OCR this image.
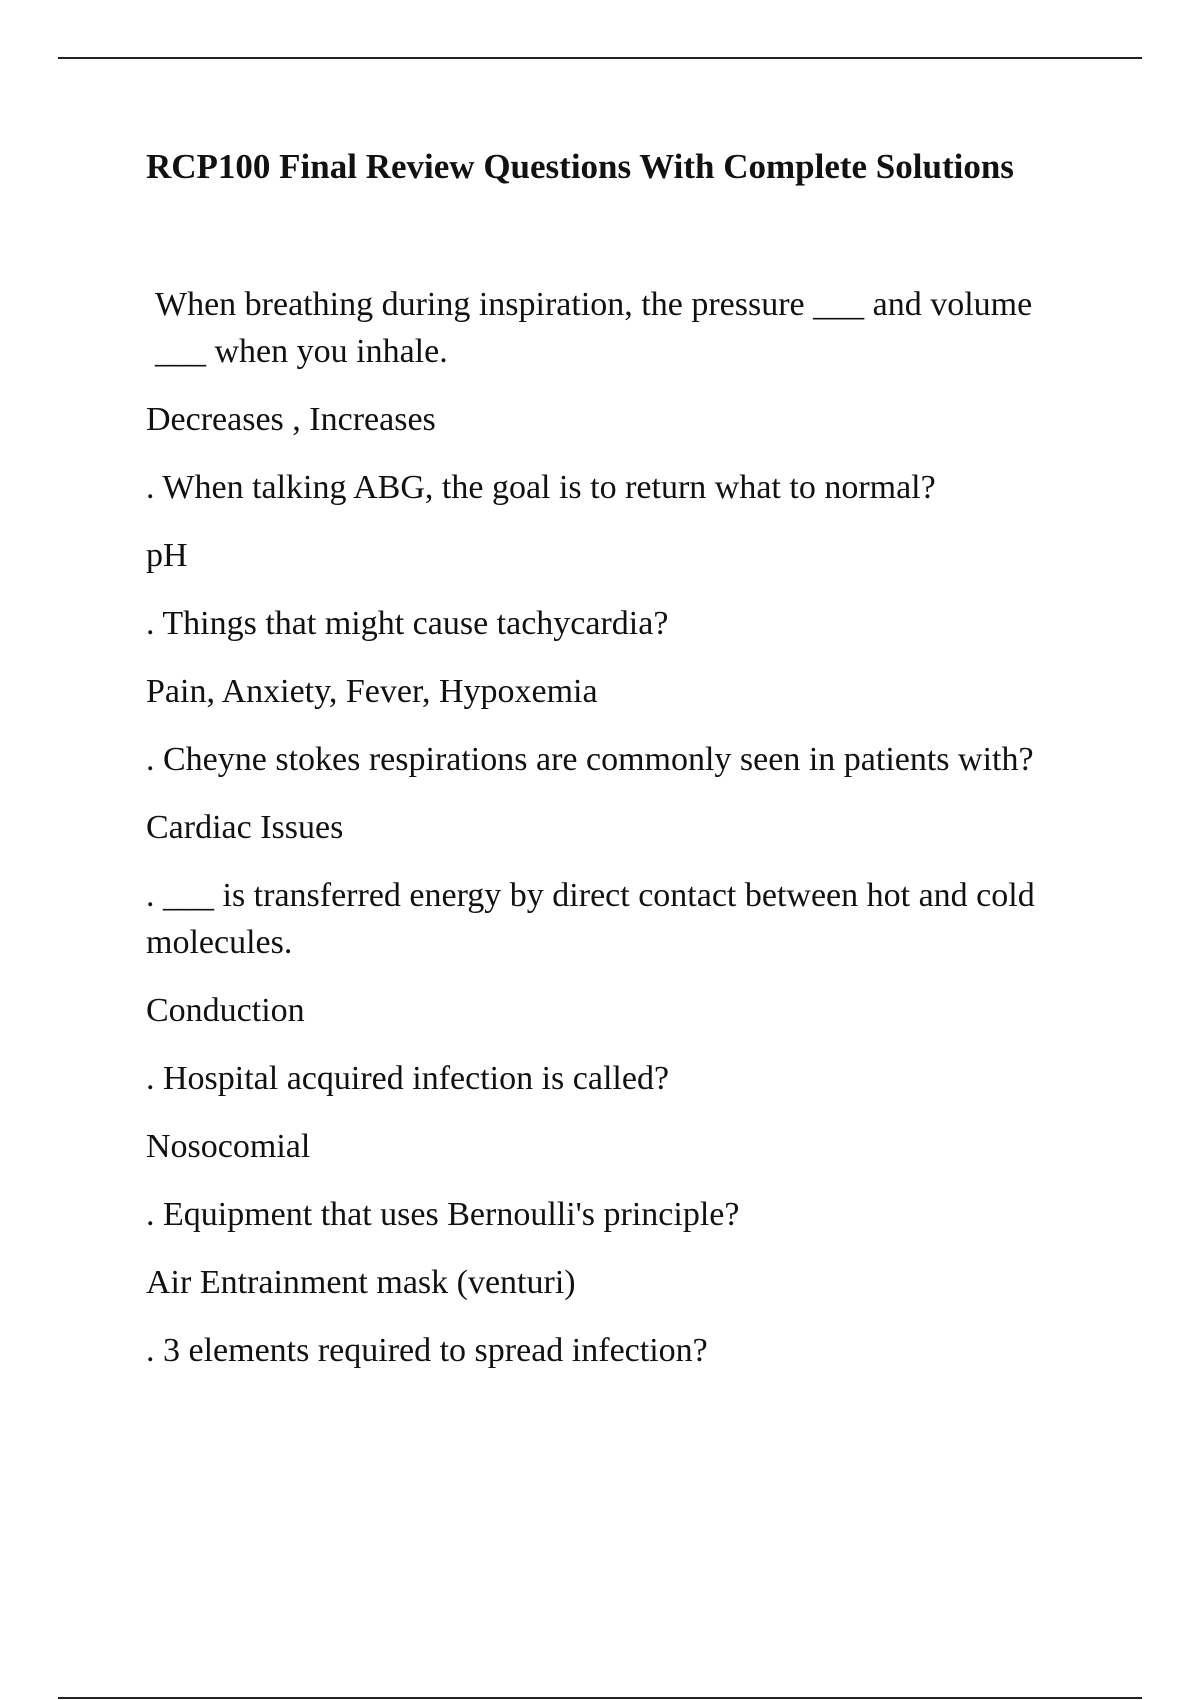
RCP100 Final Review Questions With Complete Solutions

When breathing during inspiration, the pressure ___ and volume ___ when you inhale.

Decreases , Increases

. When talking ABG, the goal is to return what to normal?

pH

. Things that might cause tachycardia?

Pain, Anxiety, Fever, Hypoxemia

. Cheyne stokes respirations are commonly seen in patients with?

Cardiac Issues

. ___ is transferred energy by direct contact between hot and cold molecules.

Conduction

. Hospital acquired infection is called?

Nosocomial

. Equipment that uses Bernoulli's principle?

Air Entrainment mask (venturi)

. 3 elements required to spread infection?
